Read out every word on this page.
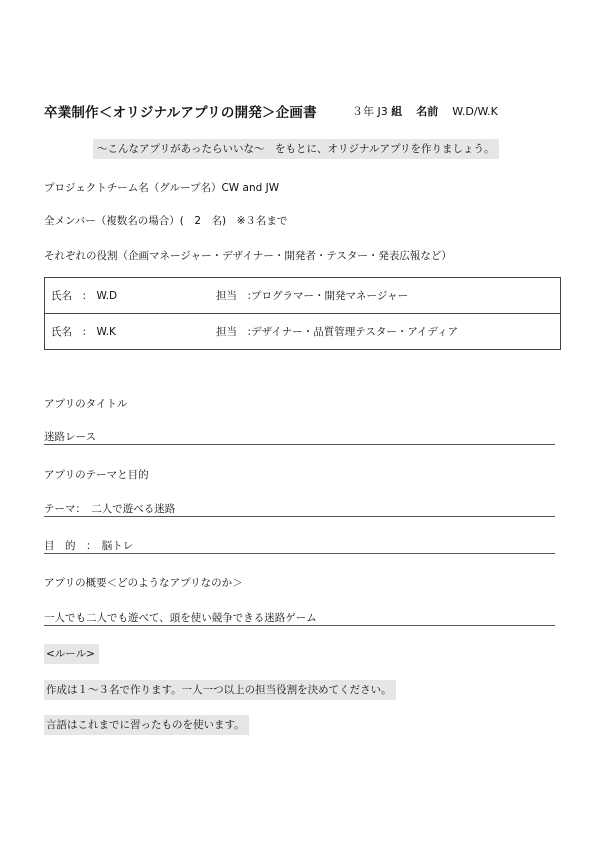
卒業制作＜オリジナルアプリの開発＞企画書	３年 J3 組 名前 W.D/W.K
～こんなアプリがあったらいいな～　をもとに、オリジナルアプリを作りましょう。
プロジェクトチーム名（グループ名）CW and JW
全メンバー（複数名の場合）(　2　名)　※３名まで
それぞれの役割（企画マネージャー・デザイナー・開発者・テスター・発表広報など）
氏名　:　W.D	担当　:プログラマー・開発マネージャー
氏名　:　W.K	担当　:デザイナー・品質管理テスター・アイディア
アプリのタイトル
迷路レース
アプリのテーマと目的
テーマ：　二人で遊べる迷路
目　的　：　脳トレ
アプリの概要＜どのようなアプリなのか＞
一人でも二人でも遊べて、頭を使い競争できる迷路ゲーム
<ルール>
作成は１～３名で作ります。一人一つ以上の担当役割を決めてください。
言語はこれまでに習ったものを使います。
